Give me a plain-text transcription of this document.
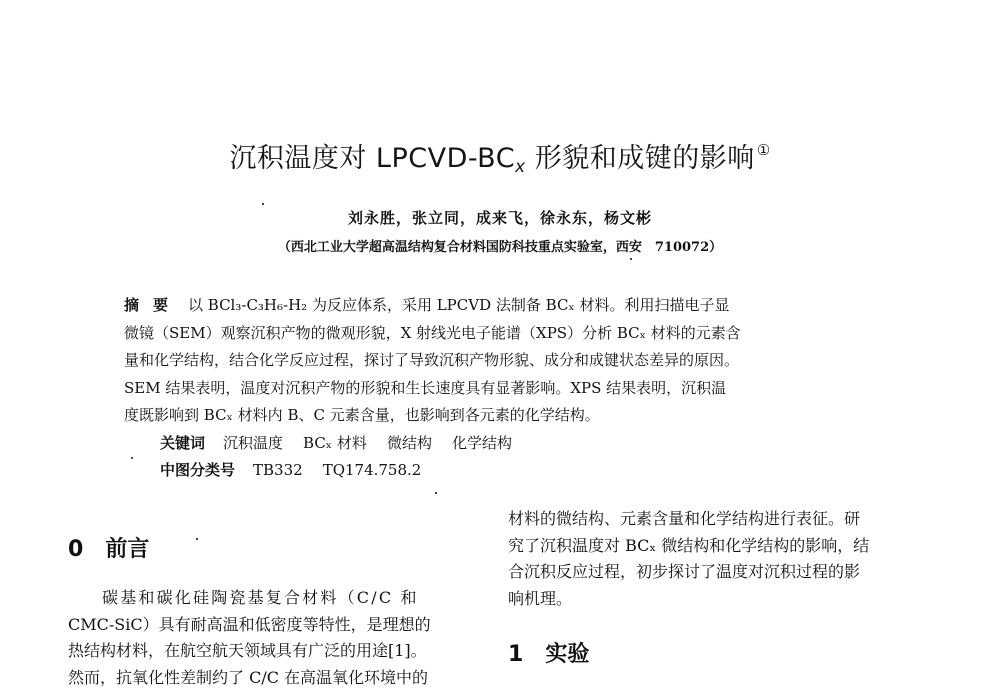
沉积温度对 LPCVD-$BC_x$ 形貌和成键的影响 ①
刘永胜，张立同，成来飞，徐永东，杨文彬
（西北工业大学超高温结构复合材料国防科技重点实验室，西安　710072）
摘要 以 BCl₃-C₃H₆-H₂ 为反应体系，采用 LPCVD 法制备 BCₓ 材料。利用扫描电子显
微镜（SEM）观察沉积产物的微观形貌，X 射线光电子能谱（XPS）分析 BCₓ 材料的元素含
量和化学结构，结合化学反应过程，探讨了导致沉积产物形貌、成分和成键状态差异的原因。
SEM 结果表明，温度对沉积产物的形貌和生长速度具有显著影响。XPS 结果表明，沉积温
度既影响到 BCₓ 材料内 B、C 元素含量，也影响到各元素的化学结构。
关键词 沉积温度 BCₓ 材料 微结构 化学结构
中图分类号 TB332 TQ174.758.2
0 前言
碳基和碳化硅陶瓷基复合材料（C/C 和
CMC-SiC）具有耐高温和低密度等特性，是理想的
热结构材料，在航空航天领域具有广泛的用途[1]。
然而，抗氧化性差制约了 C/C 在高温氧化环境中的
材料的微结构、元素含量和化学结构进行表征。研
究了沉积温度对 BCₓ 微结构和化学结构的影响，结
合沉积反应过程，初步探讨了温度对沉积过程的影
响机理。
1 实验
